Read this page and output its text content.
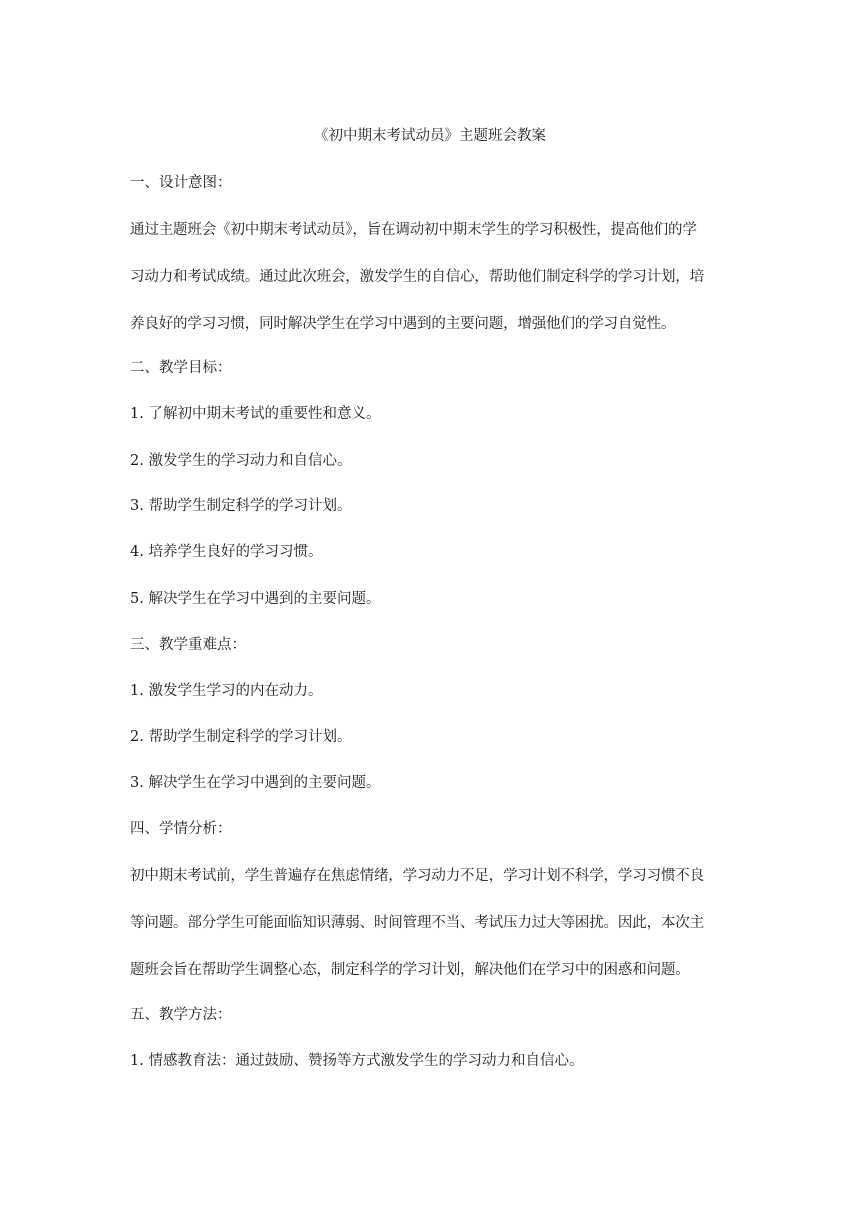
《初中期末考试动员》主题班会教案
一、设计意图：
通过主题班会《初中期末考试动员》，旨在调动初中期末学生的学习积极性，提高他们的学
习动力和考试成绩。通过此次班会，激发学生的自信心，帮助他们制定科学的学习计划，培
养良好的学习习惯，同时解决学生在学习中遇到的主要问题，增强他们的学习自觉性。
二、教学目标：
1. 了解初中期末考试的重要性和意义。
2. 激发学生的学习动力和自信心。
3. 帮助学生制定科学的学习计划。
4. 培养学生良好的学习习惯。
5. 解决学生在学习中遇到的主要问题。
三、教学重难点：
1. 激发学生学习的内在动力。
2. 帮助学生制定科学的学习计划。
3. 解决学生在学习中遇到的主要问题。
四、学情分析：
初中期末考试前，学生普遍存在焦虑情绪，学习动力不足，学习计划不科学，学习习惯不良
等问题。部分学生可能面临知识薄弱、时间管理不当、考试压力过大等困扰。因此，本次主
题班会旨在帮助学生调整心态，制定科学的学习计划，解决他们在学习中的困惑和问题。
五、教学方法：
1. 情感教育法：通过鼓励、赞扬等方式激发学生的学习动力和自信心。
